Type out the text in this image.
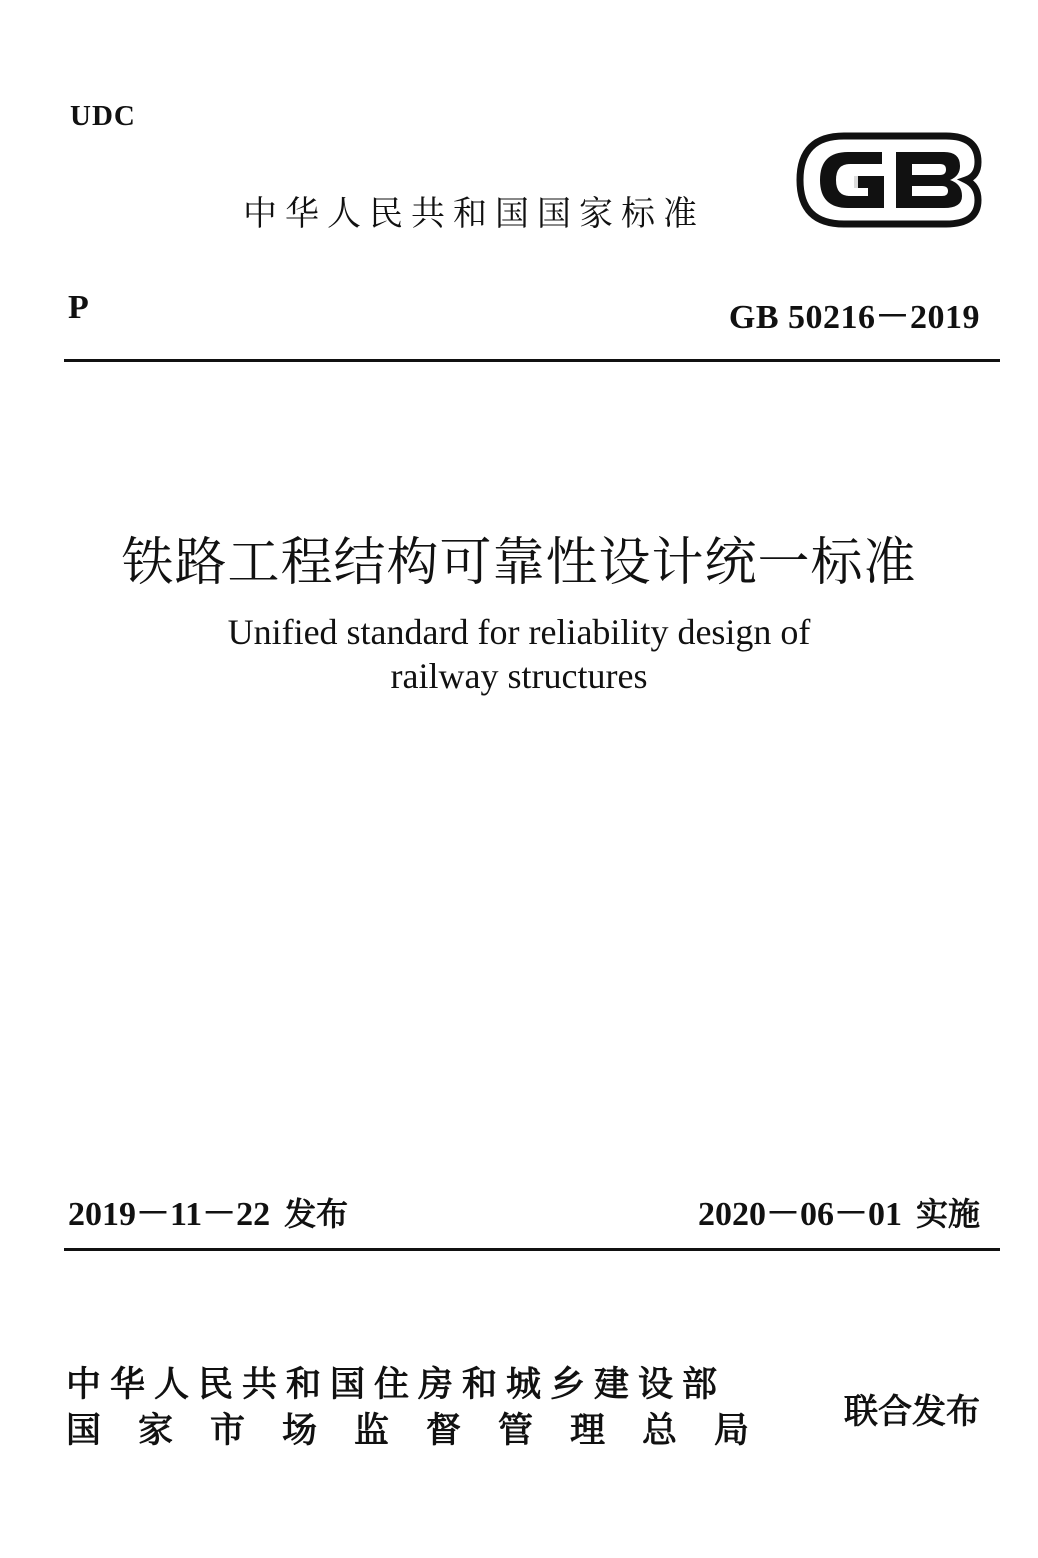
UDC
中华人民共和国国家标准
P	GB 50216－2019
铁路工程结构可靠性设计统一标准
Unified standard for reliability design of
railway structures
2019－11－22 发布	2020－06－01 实施
中华人民共和国住房和城乡建设部
国家市场监督管理总局 联合发布
